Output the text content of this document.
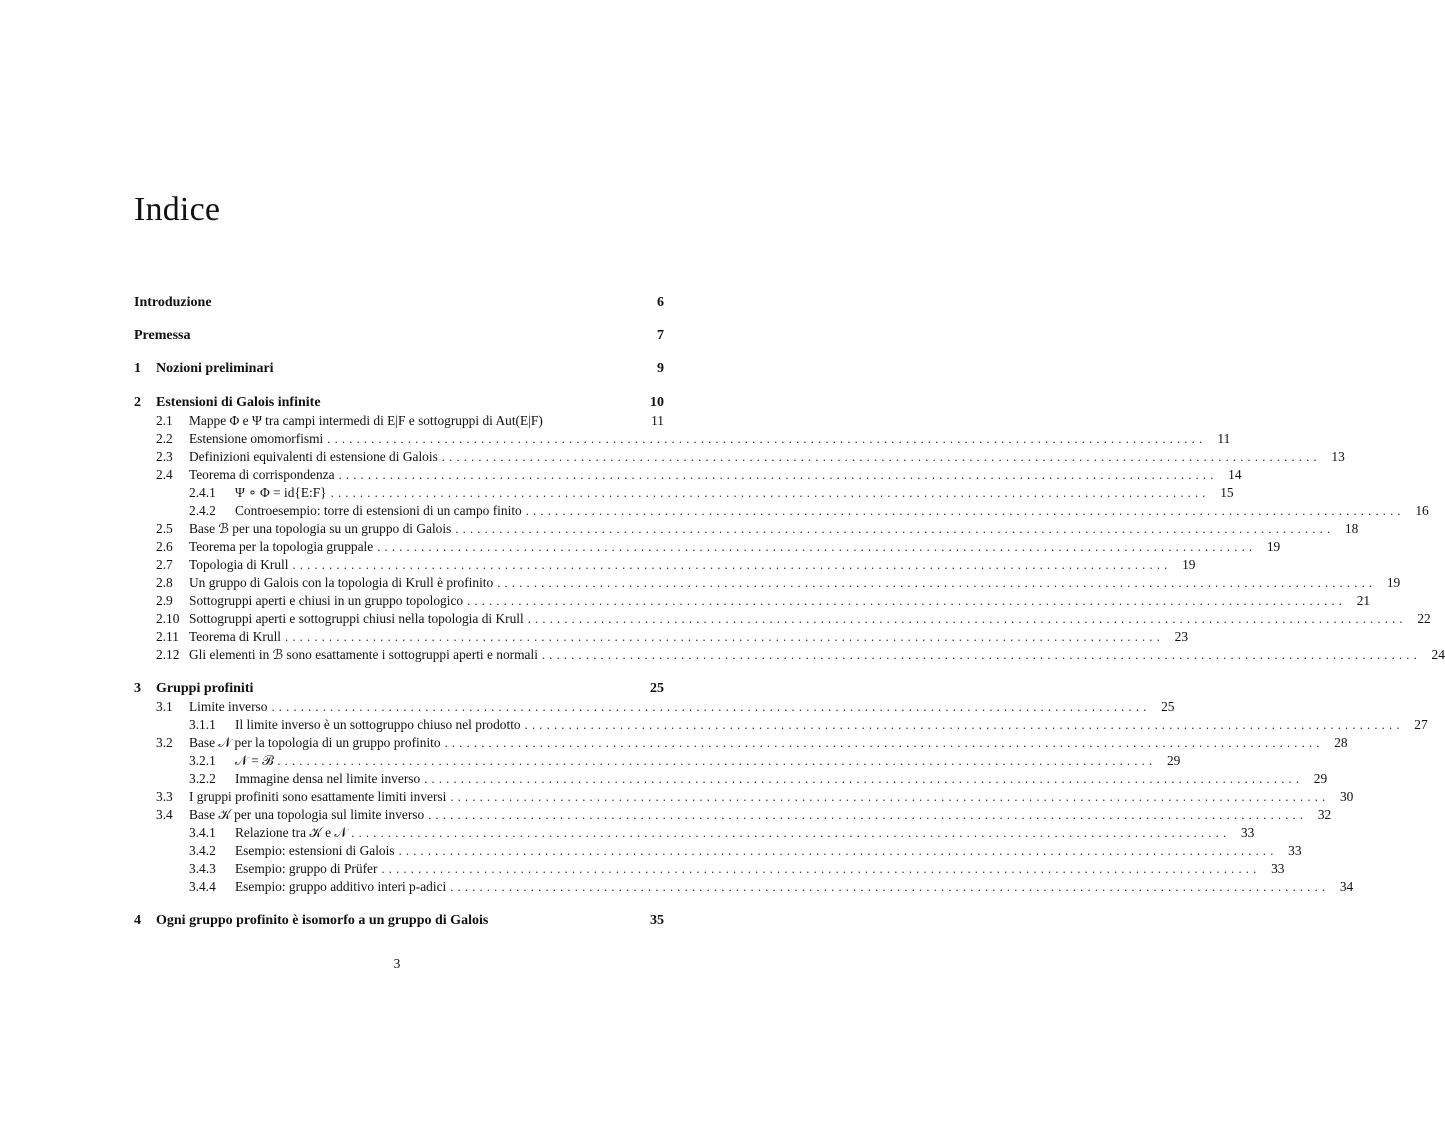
Indice
Introduzione	6
Premessa	7
1	Nozioni preliminari	9
2	Estensioni di Galois infinite	10
2.1	Mappe Φ e Ψ tra campi intermedi di E|F e sottogruppi di Aut(E|F)	11
2.2	Estensione omomorfismi ........................................................................................................................ 11
2.3	Definizioni equivalenti di estensione di Galois ........................................................................................................................ 13
2.4	Teorema di corrispondenza ........................................................................................................................ 14
2.4.1	Ψ ∘ Φ = id{E:F} ........................................................................................................................ 15
2.4.2	Controesempio: torre di estensioni di un campo finito ........................................................................................................................ 16
2.5	Base ℬ per una topologia su un gruppo di Galois ........................................................................................................................ 18
2.6	Teorema per la topologia gruppale ........................................................................................................................ 19
2.7	Topologia di Krull ........................................................................................................................ 19
2.8	Un gruppo di Galois con la topologia di Krull è profinito ........................................................................................................................ 19
2.9	Sottogruppi aperti e chiusi in un gruppo topologico ........................................................................................................................ 21
2.10 Sottogruppi aperti e sottogruppi chiusi nella topologia di Krull ........................................................................................................................ 22
2.11 Teorema di Krull ........................................................................................................................ 23
2.12 Gli elementi in ℬ sono esattamente i sottogruppi aperti e normali ........................................................................................................................ 24
3	Gruppi profiniti	25
3.1	Limite inverso ........................................................................................................................ 25
3.1.1	Il limite inverso è un sottogruppo chiuso nel prodotto ........................................................................................................................ 27
3.2	Base 𝒩 per la topologia di un gruppo profinito ........................................................................................................................ 28
3.2.1	𝒩 = ℬ ........................................................................................................................ 29
3.2.2	Immagine densa nel limite inverso ........................................................................................................................ 29
3.3	I gruppi profiniti sono esattamente limiti inversi ........................................................................................................................ 30
3.4	Base 𝒦 per una topologia sul limite inverso ........................................................................................................................ 32
3.4.1	Relazione tra 𝒦 e 𝒩 ........................................................................................................................ 33
3.4.2	Esempio: estensioni di Galois ........................................................................................................................ 33
3.4.3	Esempio: gruppo di Prüfer ........................................................................................................................ 33
3.4.4	Esempio: gruppo additivo interi p-adici ........................................................................................................................ 34
4	Ogni gruppo profinito è isomorfo a un gruppo di Galois	35
3
